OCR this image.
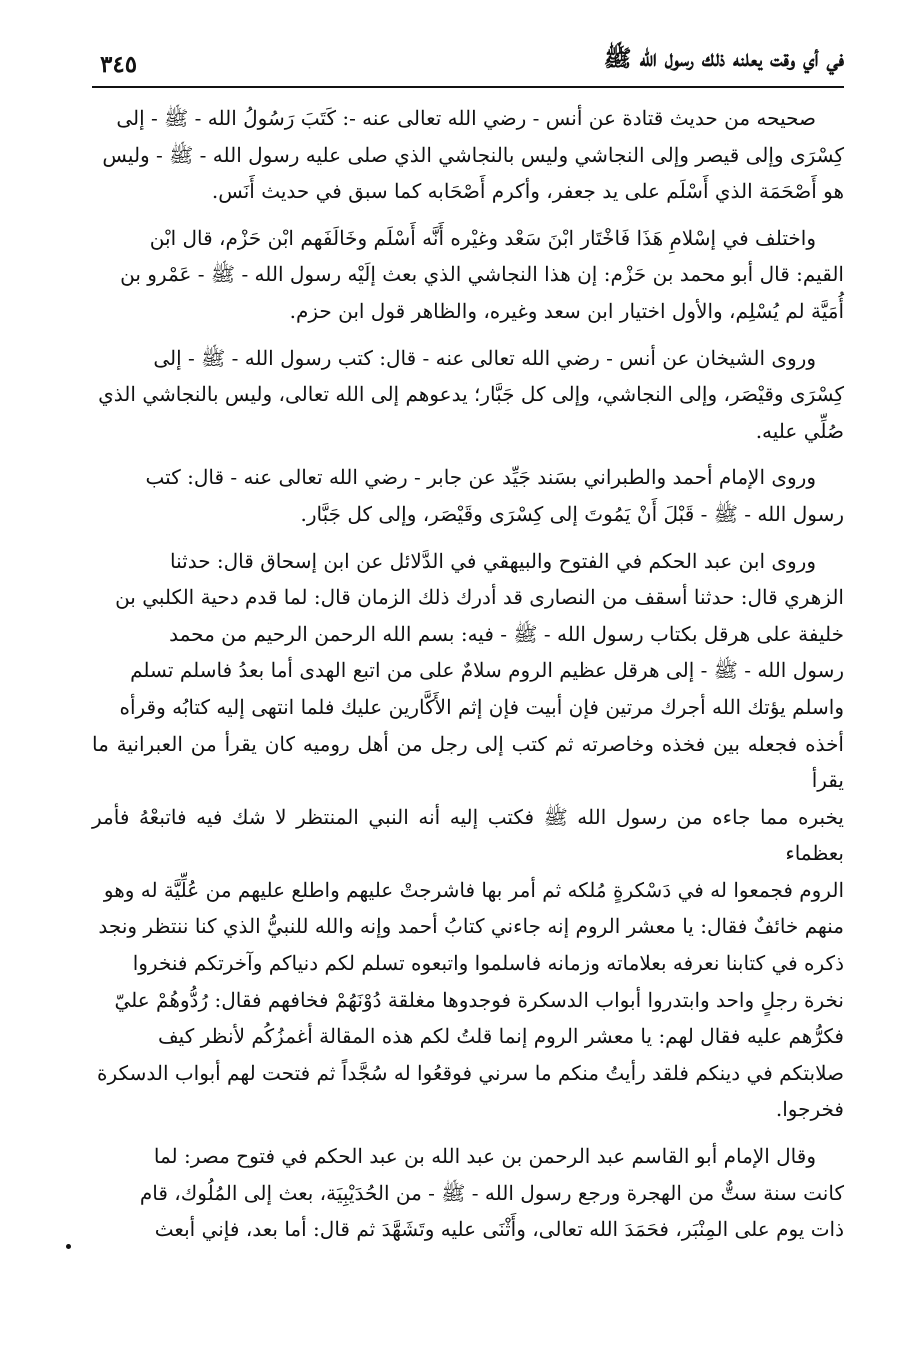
في أي وقت يعلنه ذلك رسول الله ﷺ
٣٤٥

صحيحه من حديث قتادة عن أنس - رضي الله تعالى عنه -: كَتَبَ رَسُولُ الله - ﷺ - إلى
كِسْرَى وإلى قيصر وإلى النجاشي وليس بالنجاشي الذي صلى عليه رسول الله - ﷺ - وليس
هو أَصْحَمَة الذي أَسْلَم على يد جعفر، وأكرم أَصْحَابه كما سبق في حديث أَنَس.

واختلف في إسْلامِ هَذَا فَاخْتَار ابْنَ سَعْد وغيْره أَنَّه أَسْلَم وخَالَفَهم ابْن حَزْم، قال ابْن
القيم: قال أبو محمد بن حَزْم: إن هذا النجاشي الذي بعث إلَيْه رسول الله - ﷺ - عَمْرو بن
أُمَيَّة لم يُسْلِم، والأول اختيار ابن سعد وغيره، والظاهر قول ابن حزم.

وروى الشيخان عن أنس - رضي الله تعالى عنه - قال: كتب رسول الله - ﷺ - إلى
كِسْرَى وقيْصَر، وإلى النجاشي، وإلى كل جَبَّار؛ يدعوهم إلى الله تعالى، وليس بالنجاشي الذي
صُلِّي عليه.

وروى الإمام أحمد والطبراني بسَند جَيِّد عن جابر - رضي الله تعالى عنه - قال: كتب
رسول الله - ﷺ - قَبْلَ أَنْ يَمُوتَ إلى كِسْرَى وقَيْصَر، وإلى كل جَبَّار.

وروى ابن عبد الحكم في الفتوح والبيهقي في الدَّلائل عن ابن إسحاق قال: حدثنا
الزهري قال: حدثنا أسقف من النصارى قد أدرك ذلك الزمان قال: لما قدم دحية الكلبي بن
خليفة على هرقل بكتاب رسول الله - ﷺ - فيه: بسم الله الرحمن الرحيم من محمد
رسول الله - ﷺ - إلى هرقل عظيم الروم سلامٌ على من اتبع الهدى أما بعدُ فاسلم تسلم
واسلم يؤتك الله أجرك مرتين فإن أبيت فإن إثم الأَكَّارين عليك فلما انتهى إليه كتابُه وقرأه
أخذه فجعله بين فخذه وخاصرته ثم كتب إلى رجل من أهل روميه كان يقرأ من العبرانية ما يقرأ
يخبره مما جاءه من رسول الله ﷺ فكتب إليه أنه النبي المنتظر لا شك فيه فاتبعْهُ فأمر بعظماء
الروم فجمعوا له في دَسْكرةٍ مُلكه ثم أمر بها فاشرجتْ عليهم واطلع عليهم من عُلِّيَّة له وهو
منهم خائفٌ فقال: يا معشر الروم إنه جاءني كتابُ أحمد وإنه والله للنبيُّ الذي كنا ننتظر ونجد
ذكره في كتابنا نعرفه بعلاماته وزمانه فاسلموا واتبعوه تسلم لكم دنياكم وآخرتكم فنخروا
نخرة رجلٍ واحد وابتدروا أبواب الدسكرة فوجدوها مغلقة دُوْنَهُمْ فخافهم فقال: رُدُّوهُمْ عليّ
فكرُّهم عليه فقال لهم: يا معشر الروم إنما قلتُ لكم هذه المقالة أغمزُكُم لأنظر كيف
صلابتكم في دينكم فلقد رأيتُ منكم ما سرني فوقعُوا له سُجَّداً ثم فتحت لهم أبواب الدسكرة
فخرجوا.

وقال الإمام أبو القاسم عبد الرحمن بن عبد الله بن عبد الحكم في فتوح مصر: لما
كانت سنة ستٌّ من الهجرة ورجع رسول الله - ﷺ - من الحُدَيْبِيَة، بعث إلى المُلُوك، قام
ذات يوم على المِنْبَر، فحَمَدَ الله تعالى، وأَثْنَى عليه وتَشَهَّدَ ثم قال: أما بعد، فإني أبعث
